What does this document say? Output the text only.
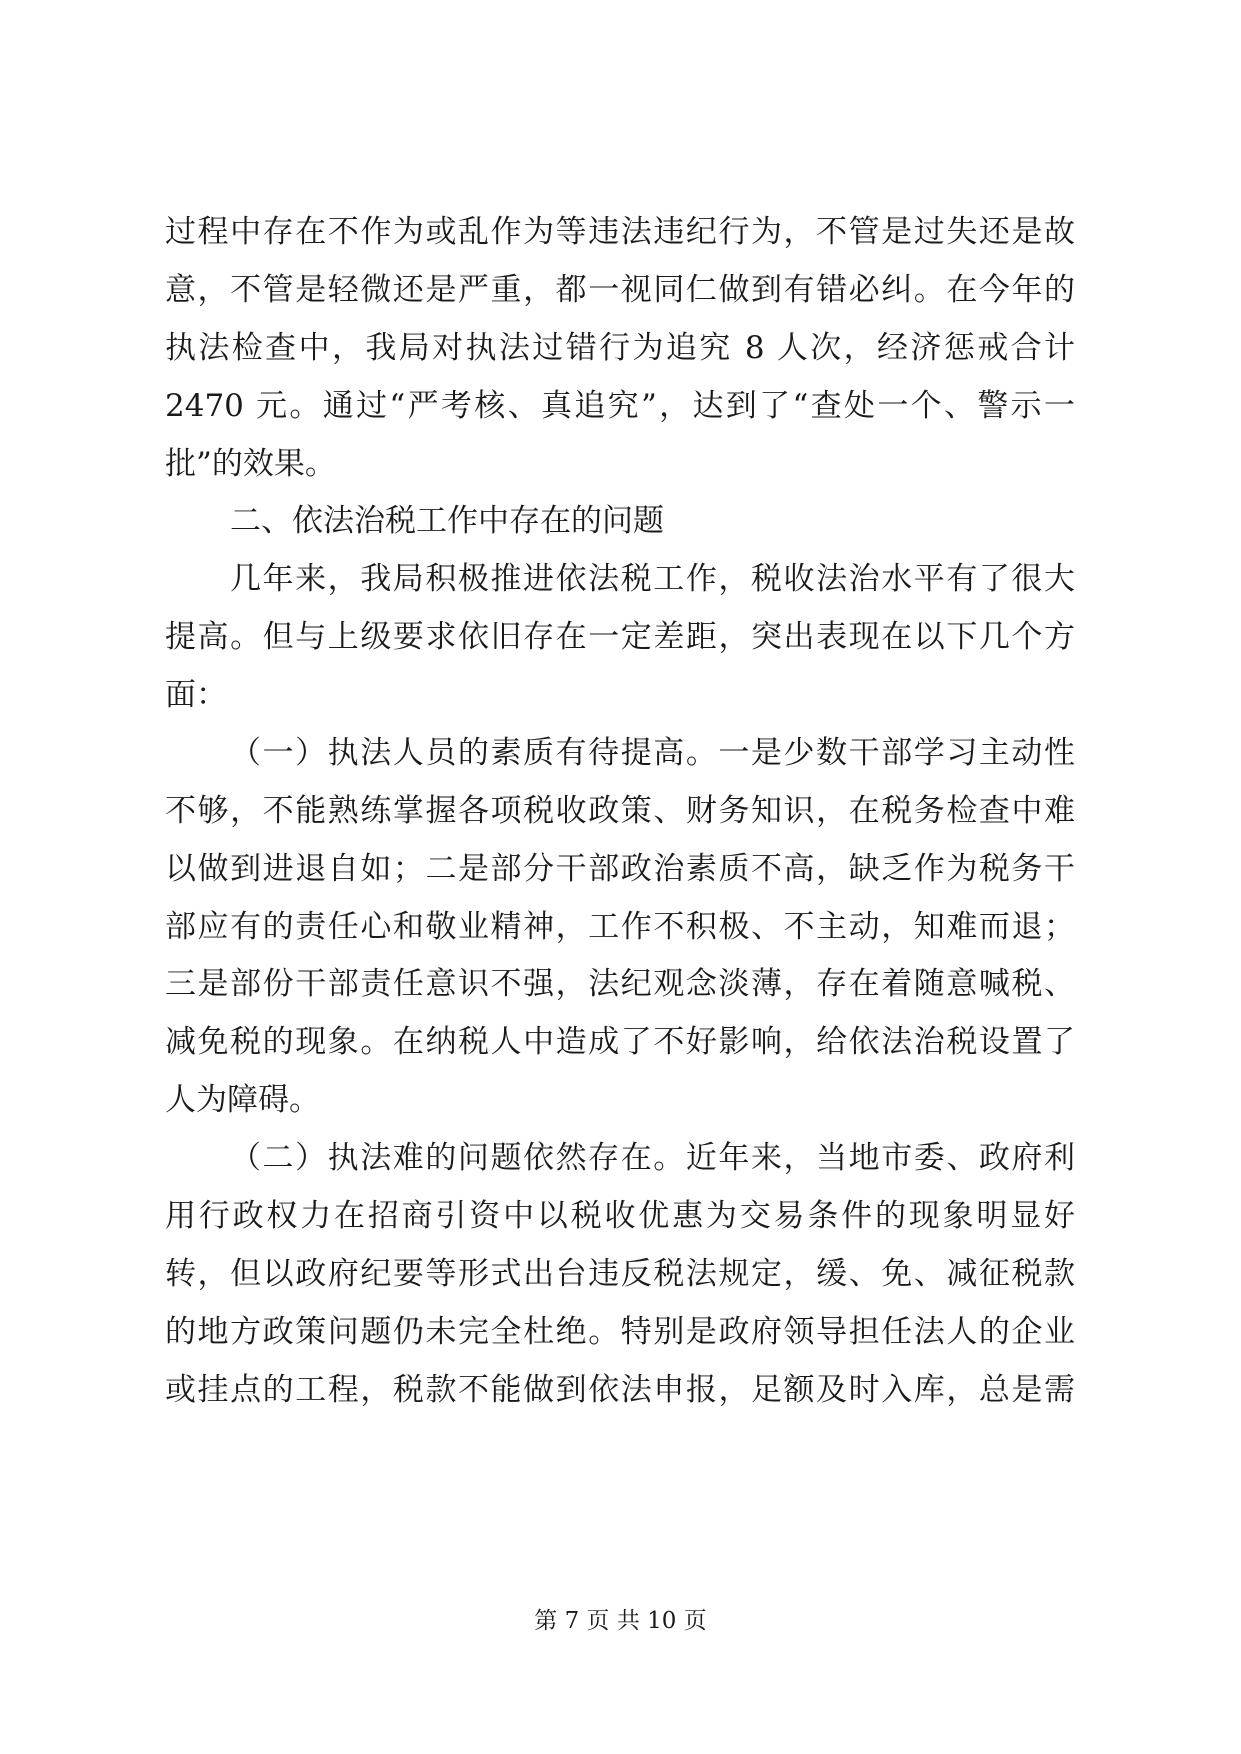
过程中存在不作为或乱作为等违法违纪行为，不管是过失还是故
意，不管是轻微还是严重，都一视同仁做到有错必纠。在今年的
执法检查中，我局对执法过错行为追究 8 人次，经济惩戒合计
2470 元。通过“严考核、真追究”，达到了“查处一个、警示一
批”的效果。
二、依法治税工作中存在的问题
几年来，我局积极推进依法税工作，税收法治水平有了很大
提高。但与上级要求依旧存在一定差距，突出表现在以下几个方
面：
（一）执法人员的素质有待提高。一是少数干部学习主动性
不够，不能熟练掌握各项税收政策、财务知识，在税务检查中难
以做到进退自如；二是部分干部政治素质不高，缺乏作为税务干
部应有的责任心和敬业精神，工作不积极、不主动，知难而退；
三是部份干部责任意识不强，法纪观念淡薄，存在着随意喊税、
减免税的现象。在纳税人中造成了不好影响，给依法治税设置了
人为障碍。
（二）执法难的问题依然存在。近年来，当地市委、政府利
用行政权力在招商引资中以税收优惠为交易条件的现象明显好
转，但以政府纪要等形式出台违反税法规定，缓、免、减征税款
的地方政策问题仍未完全杜绝。特别是政府领导担任法人的企业
或挂点的工程，税款不能做到依法申报，足额及时入库，总是需
第 7 页 共 10 页
